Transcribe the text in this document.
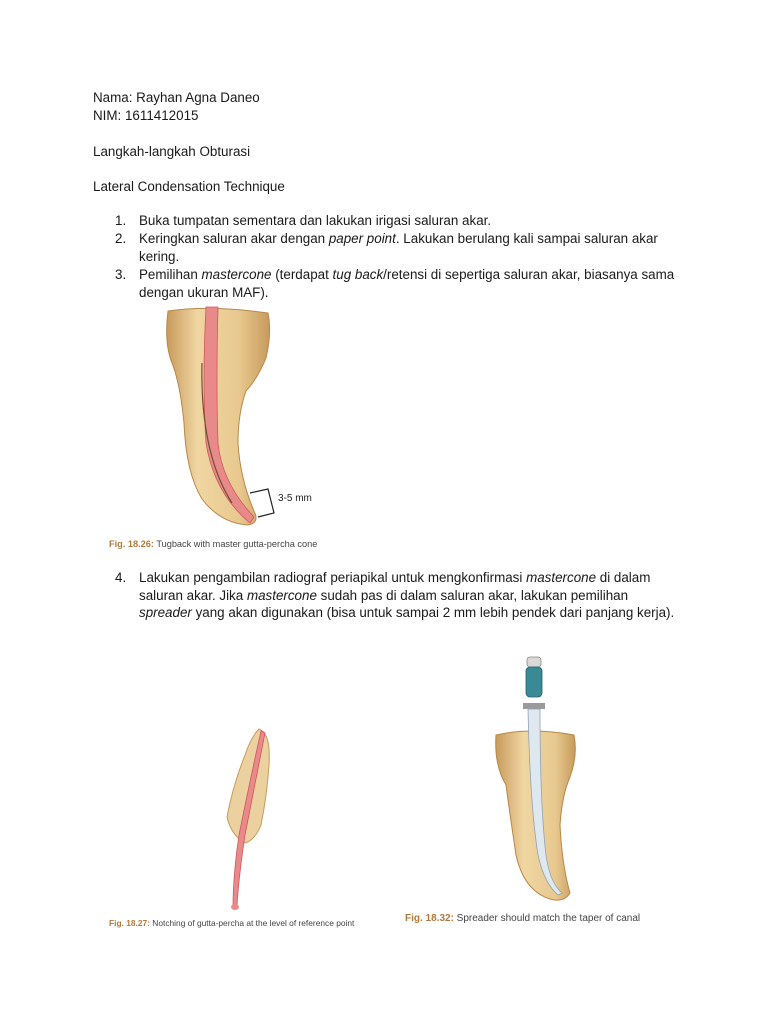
Nama: Rayhan Agna Daneo
NIM: 1611412015
Langkah-langkah Obturasi
Lateral Condensation Technique
1. Buka tumpatan sementara dan lakukan irigasi saluran akar.
2. Keringkan saluran akar dengan paper point. Lakukan berulang kali sampai saluran akar kering.
3. Pemilihan mastercone (terdapat tug back/retensi di sepertiga saluran akar, biasanya sama dengan ukuran MAF).
3-5 mm
Fig. 18.26: Tugback with master gutta-percha cone
4. Lakukan pengambilan radiograf periapikal untuk mengkonfirmasi mastercone di dalam saluran akar. Jika mastercone sudah pas di dalam saluran akar, lakukan pemilihan spreader yang akan digunakan (bisa untuk sampai 2 mm lebih pendek dari panjang kerja).
Fig. 18.27: Notching of gutta-percha at the level of reference point	Fig. 18.32: Spreader should match the taper of canal
